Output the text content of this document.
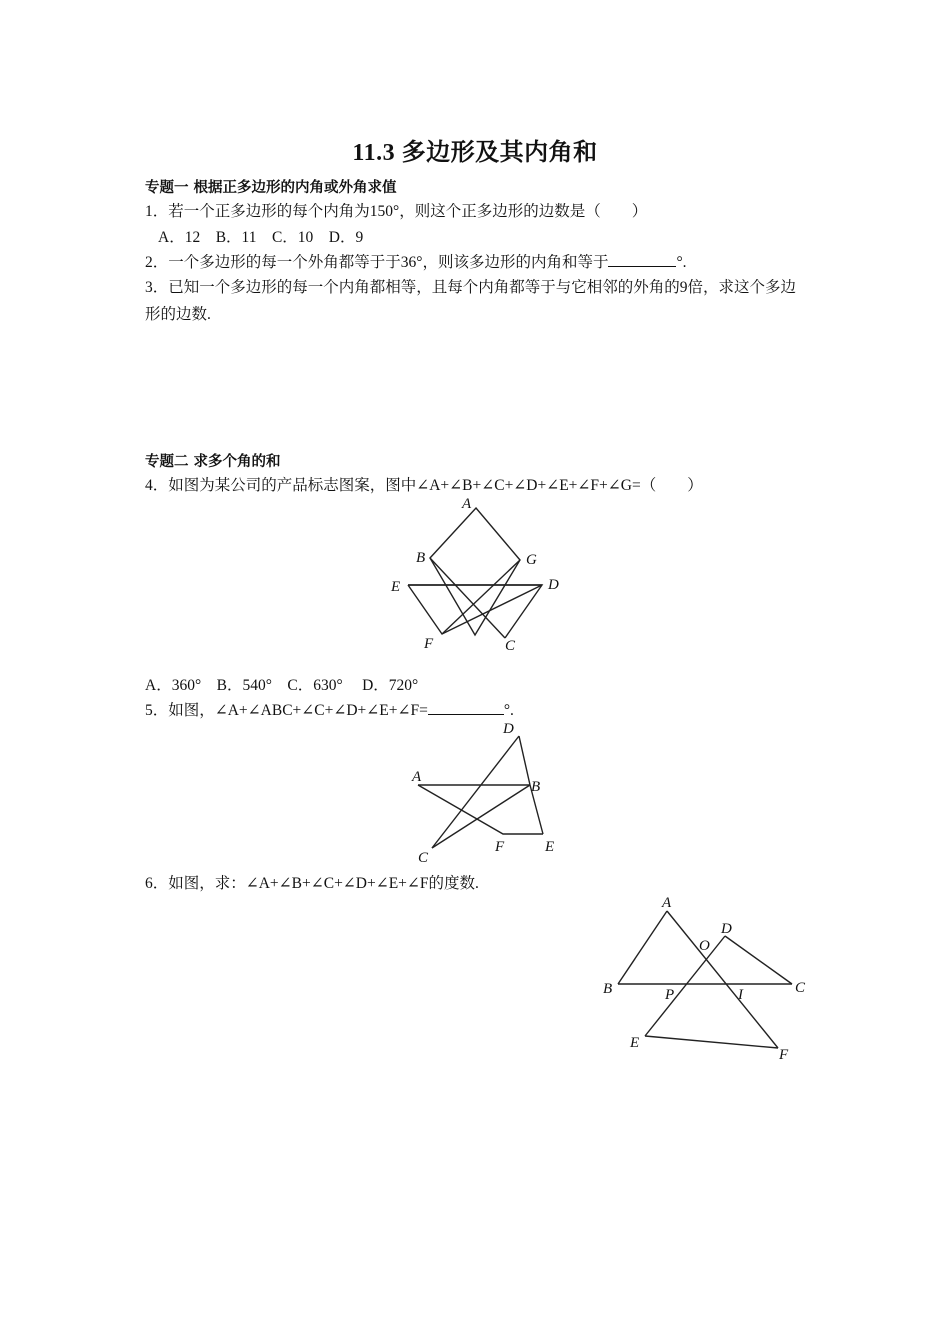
11.3 多边形及其内角和
专题一 根据正多边形的内角或外角求值
1．若一个正多边形的每个内角为150°，则这个正多边形的边数是（　　）
A．12　B．11　C．10　D．9
2．一个多边形的每一个外角都等于于36°，则该多边形的内角和等于	°.
3．已知一个多边形的每一个内角都相等，且每个内角都等于与它相邻的外角的9倍，求这个多边形的边数.
专题二 求多个角的和
4．如图为某公司的产品标志图案，图中∠A+∠B+∠C+∠D+∠E+∠F+∠G=（　　）
A
B	G
E	D
F	C
A．360°　B．540°　C．630°　 D．720°
5．如图，∠A+∠ABC+∠C+∠D+∠E+∠F=	°.
D
A
B
F	E
C
6．如图，求：∠A+∠B+∠C+∠D+∠E+∠F的度数.
A
D
O
B	P	I	C
E
F
